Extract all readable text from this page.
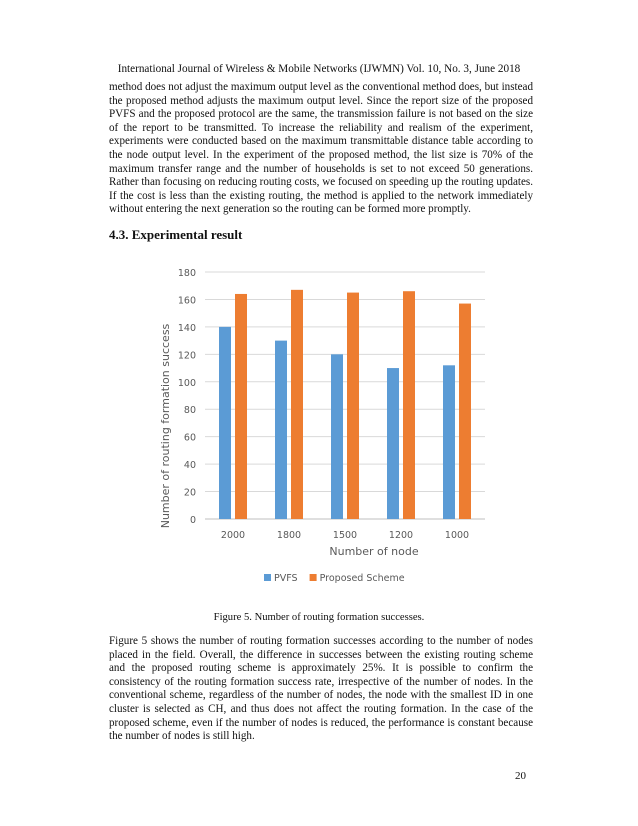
International Journal of Wireless & Mobile Networks (IJWMN) Vol. 10, No. 3, June 2018

method does not adjust the maximum output level as the conventional method does, but instead the proposed method adjusts the maximum output level. Since the report size of the proposed PVFS and the proposed protocol are the same, the transmission failure is not based on the size of the report to be transmitted. To increase the reliability and realism of the experiment, experiments were conducted based on the maximum transmittable distance table according to the node output level. In the experiment of the proposed method, the list size is 70% of the maximum transfer range and the number of households is set to not exceed 50 generations. Rather than focusing on reducing routing costs, we focused on speeding up the routing updates. If the cost is less than the existing routing, the method is applied to the network immediately without entering the next generation so the routing can be formed more promptly.

4.3. Experimental result
0
20
40
60
80
100
120
140
160
180
2000	1800	1500	1200	1000
Number of node
Number of routing formation success
PVFS Proposed Scheme
Figure 5. Number of routing formation successes.

Figure 5 shows the number of routing formation successes according to the number of nodes placed in the field. Overall, the difference in successes between the existing routing scheme and the proposed routing scheme is approximately 25%. It is possible to confirm the consistency of the routing formation success rate, irrespective of the number of nodes. In the conventional scheme, regardless of the number of nodes, the node with the smallest ID in one cluster is selected as CH, and thus does not affect the routing formation. In the case of the proposed scheme, even if the number of nodes is reduced, the performance is constant because the number of nodes is still high.

20
